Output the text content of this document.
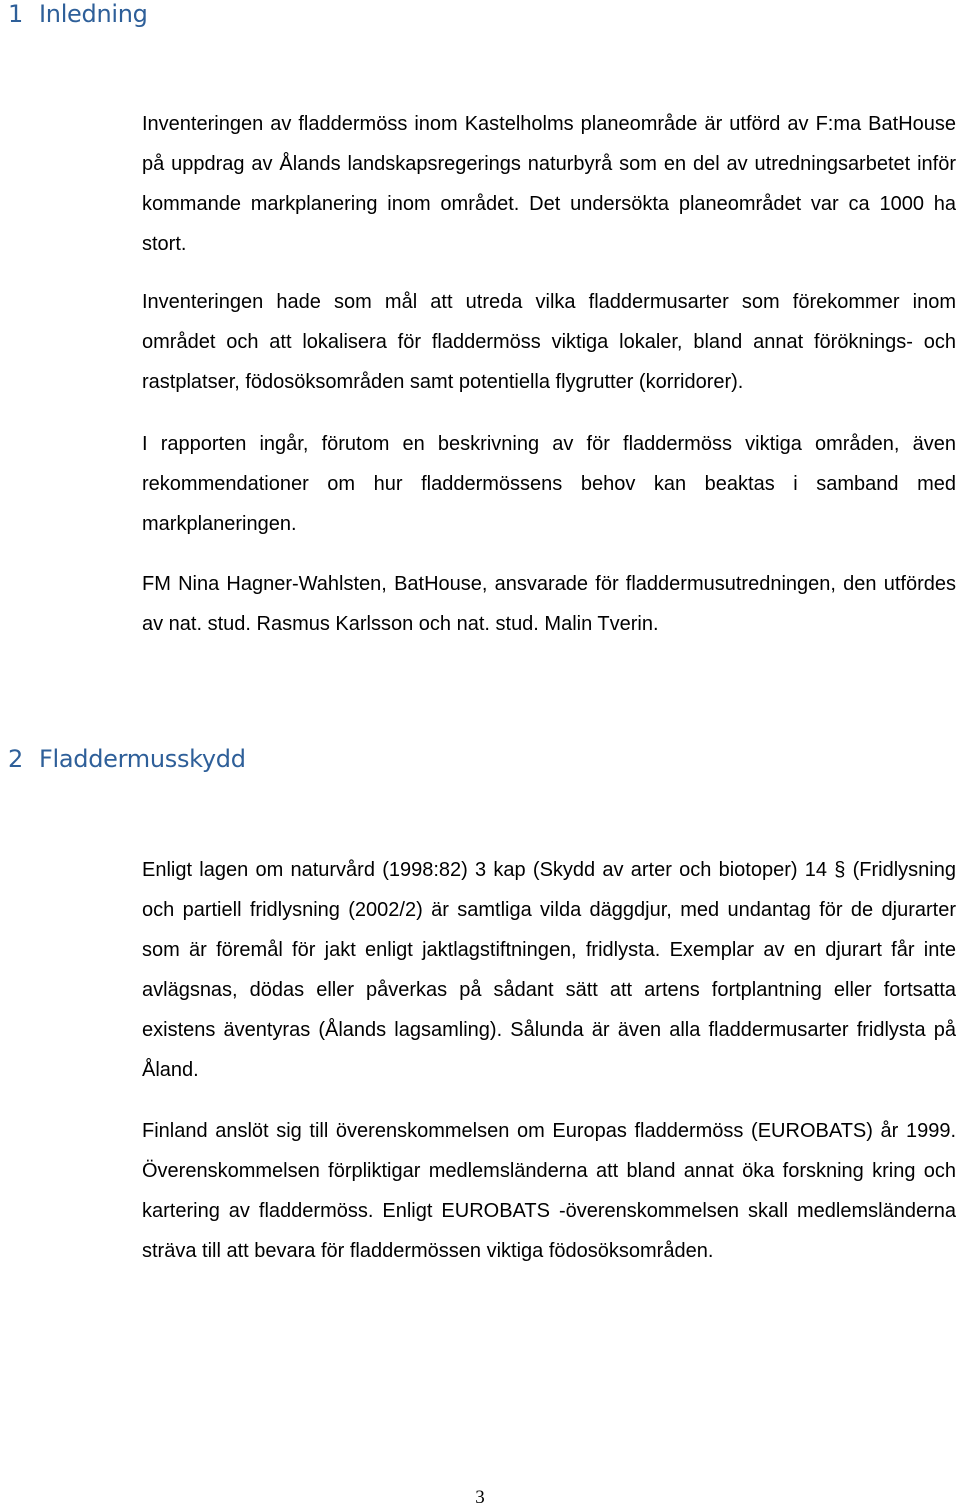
1 Inledning

Inventeringen av fladdermöss inom Kastelholms planeområde är utförd av F:ma BatHouse på uppdrag av Ålands landskapsregerings naturbyrå som en del av utredningsarbetet inför kommande markplanering inom området. Det undersökta planeområdet var ca 1000 ha stort.

Inventeringen hade som mål att utreda vilka fladdermusarter som förekommer inom området och att lokalisera för fladdermöss viktiga lokaler, bland annat föröknings- och rastplatser, födosöksområden samt potentiella flygrutter (korridorer).

I rapporten ingår, förutom en beskrivning av för fladdermöss viktiga områden, även rekommendationer om hur fladdermössens behov kan beaktas i samband med markplaneringen.

FM Nina Hagner-Wahlsten, BatHouse, ansvarade för fladdermusutredningen, den utfördes av nat. stud. Rasmus Karlsson och nat. stud. Malin Tverin.

2 Fladdermusskydd

Enligt lagen om naturvård (1998:82) 3 kap (Skydd av arter och biotoper) 14 § (Fridlysning och partiell fridlysning (2002/2) är samtliga vilda däggdjur, med undantag för de djurarter som är föremål för jakt enligt jaktlagstiftningen, fridlysta. Exemplar av en djurart får inte avlägsnas, dödas eller påverkas på sådant sätt att artens fortplantning eller fortsatta existens äventyras (Ålands lagsamling). Sålunda är även alla fladdermusarter fridlysta på Åland.

Finland anslöt sig till överenskommelsen om Europas fladdermöss (EUROBATS) år 1999. Överenskommelsen förpliktigar medlemsländerna att bland annat öka forskning kring och kartering av fladdermöss. Enligt EUROBATS -överenskommelsen skall medlemsländerna sträva till att bevara för fladdermössen viktiga födosöksområden.

3
